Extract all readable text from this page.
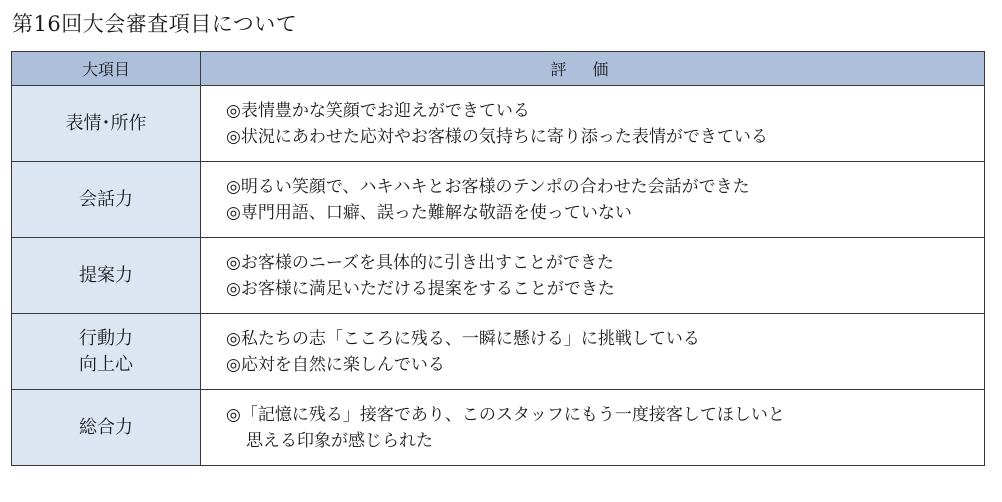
第16回大会審査項目について
大項目	評価
表情･所作	◎表情豊かな笑顔でお迎えができている
◎状況にあわせた応対やお客様の気持ちに寄り添った表情ができている

会話力	◎明るい笑顔で、ハキハキとお客様のテンポの合わせた会話ができた
◎専門用語、口癖、誤った難解な敬語を使っていない

提案力	◎お客様のニーズを具体的に引き出すことができた
◎お客様に満足いただける提案をすることができた

行動力
向上心	◎私たちの志「こころに残る、一瞬に懸ける」に挑戦している
◎応対を自然に楽しんでいる

総合力	◎「記憶に残る」接客であり、このスタッフにもう一度接客してほしいと
思える印象が感じられた
